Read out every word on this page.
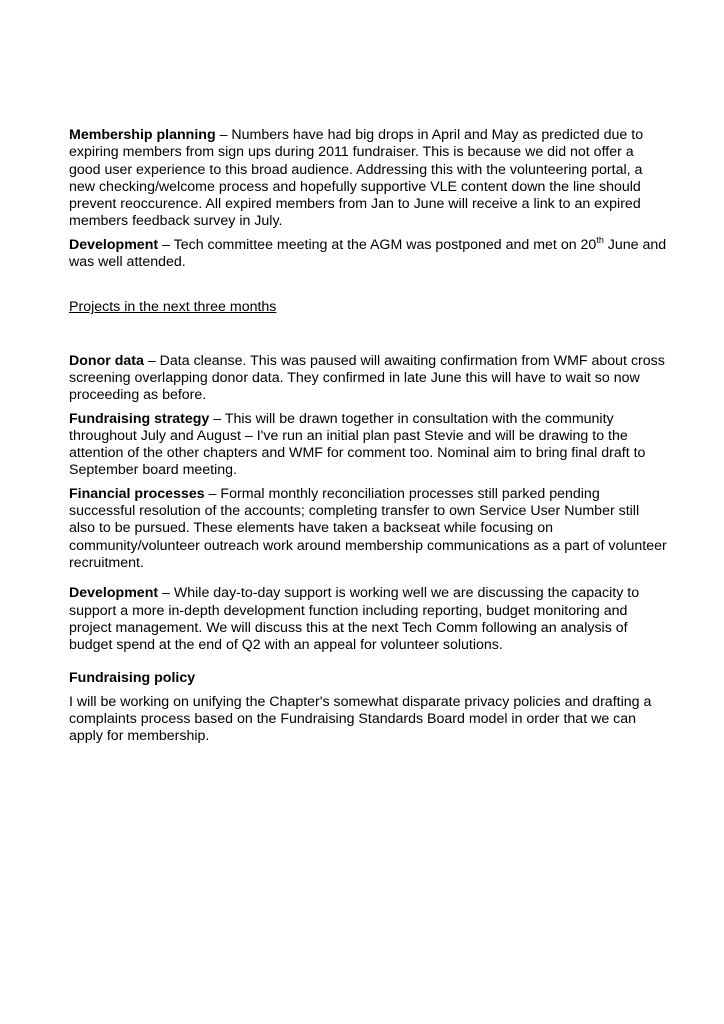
Membership planning – Numbers have had big drops in April and May as predicted due to expiring members from sign ups during 2011 fundraiser. This is because we did not offer a good user experience to this broad audience. Addressing this with the volunteering portal, a new checking/welcome process and hopefully supportive VLE content down the line should prevent reoccurence. All expired members from Jan to June will receive a link to an expired members feedback survey in July.

Development – Tech committee meeting at the AGM was postponed and met on 20th June and was well attended.

Projects in the next three months

Donor data – Data cleanse. This was paused will awaiting confirmation from WMF about cross screening overlapping donor data. They confirmed in late June this will have to wait so now proceeding as before.

Fundraising strategy – This will be drawn together in consultation with the community throughout July and August – I've run an initial plan past Stevie and will be drawing to the attention of the other chapters and WMF for comment too. Nominal aim to bring final draft to September board meeting.

Financial processes – Formal monthly reconciliation processes still parked pending successful resolution of the accounts; completing transfer to own Service User Number still also to be pursued. These elements have taken a backseat while focusing on community/volunteer outreach work around membership communications as a part of volunteer recruitment.

Development – While day-to-day support is working well we are discussing the capacity to support a more in-depth development function including reporting, budget monitoring and project management. We will discuss this at the next Tech Comm following an analysis of budget spend at the end of Q2 with an appeal for volunteer solutions.

Fundraising policy

I will be working on unifying the Chapter's somewhat disparate privacy policies and drafting a complaints process based on the Fundraising Standards Board model in order that we can apply for membership.
